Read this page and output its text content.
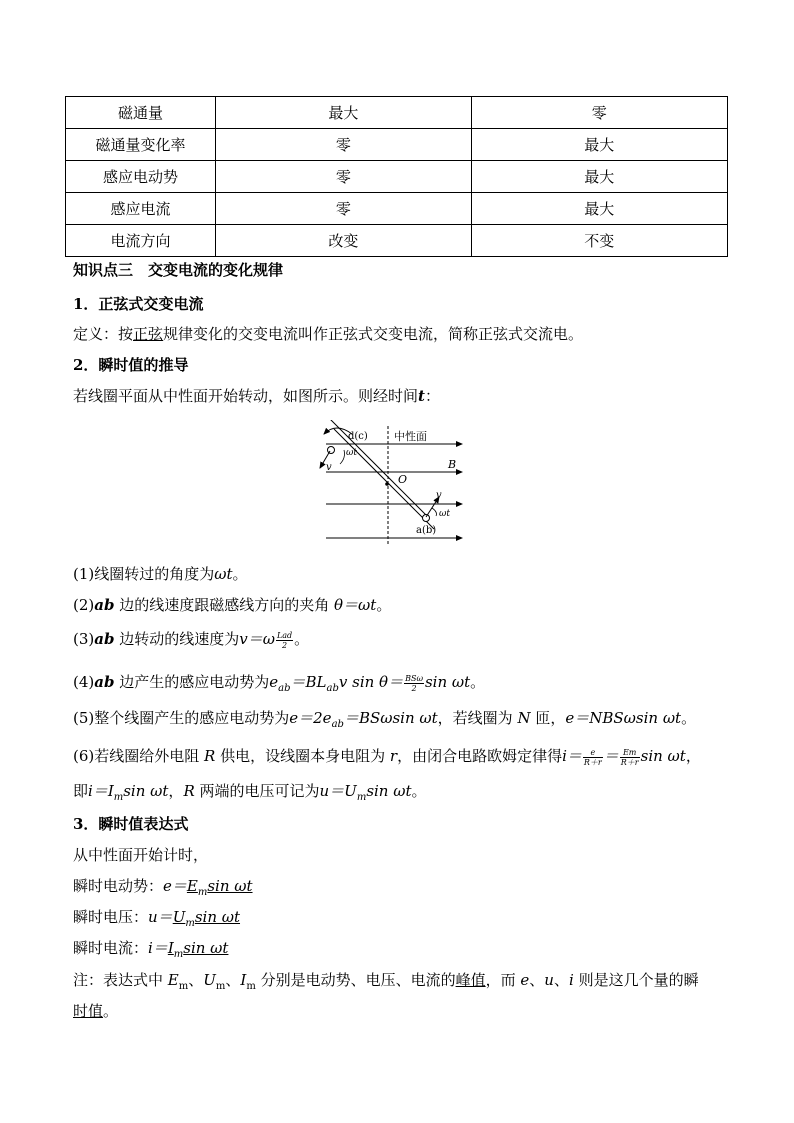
磁通量	最大	零
磁通量变化率	零	最大
感应电动势	零	最大
感应电流	零	最大
电流方向	改变	不变
知识点三　交变电流的变化规律
1．正弦式交变电流
定义：按正弦规律变化的交变电流叫作正弦式交变电流，简称正弦式交流电。
2．瞬时值的推导
若线圈平面从中性面开始转动，如图所示。则经时间t：
中性面
B
O
d(c)
v
ωt
v
ωt
a(b)
(1)线圈转过的角度为ωt。
(2)ab 边的线速度跟磁感线方向的夹角 θ＝ωt。
(3)ab 边转动的线速度为$v=\omega \frac{\text{Lad}}{2}$ 。
(4)ab 边产生的感应电动势为$e_{ab}=BL_{ab}v$ $\sin \theta= \frac{\text{BSω}}{2}$ sin ωt。
(5)整个线圈产生的感应电动势为$e=2e_{ab}=BS\omega\sin$ ωt，若线圈为 N 匝，e＝NBSωsin ωt。
(6)若线圈给外电阻 R 供电，设线圈本身电阻为 r，由闭合电路欧姆定律得$i= \frac{e}{R+r} = \frac{Em}{R+r}$ sin ωt，
即$i=I_m\sin$ ωt，R 两端的电压可记为$u=U_m\sin$ ωt。
3．瞬时值表达式
从中性面开始计时，
瞬时电动势：$e=E_m\sin$ ωt
瞬时电压：$u=U_m\sin$ ωt
瞬时电流：$i=I_m\sin$ ωt
注：表达式中 $E_m$、$U_m$、$I_m$ 分别是电动势、电压、电流的峰值，而 e、u、i 则是这几个量的瞬
时值。
